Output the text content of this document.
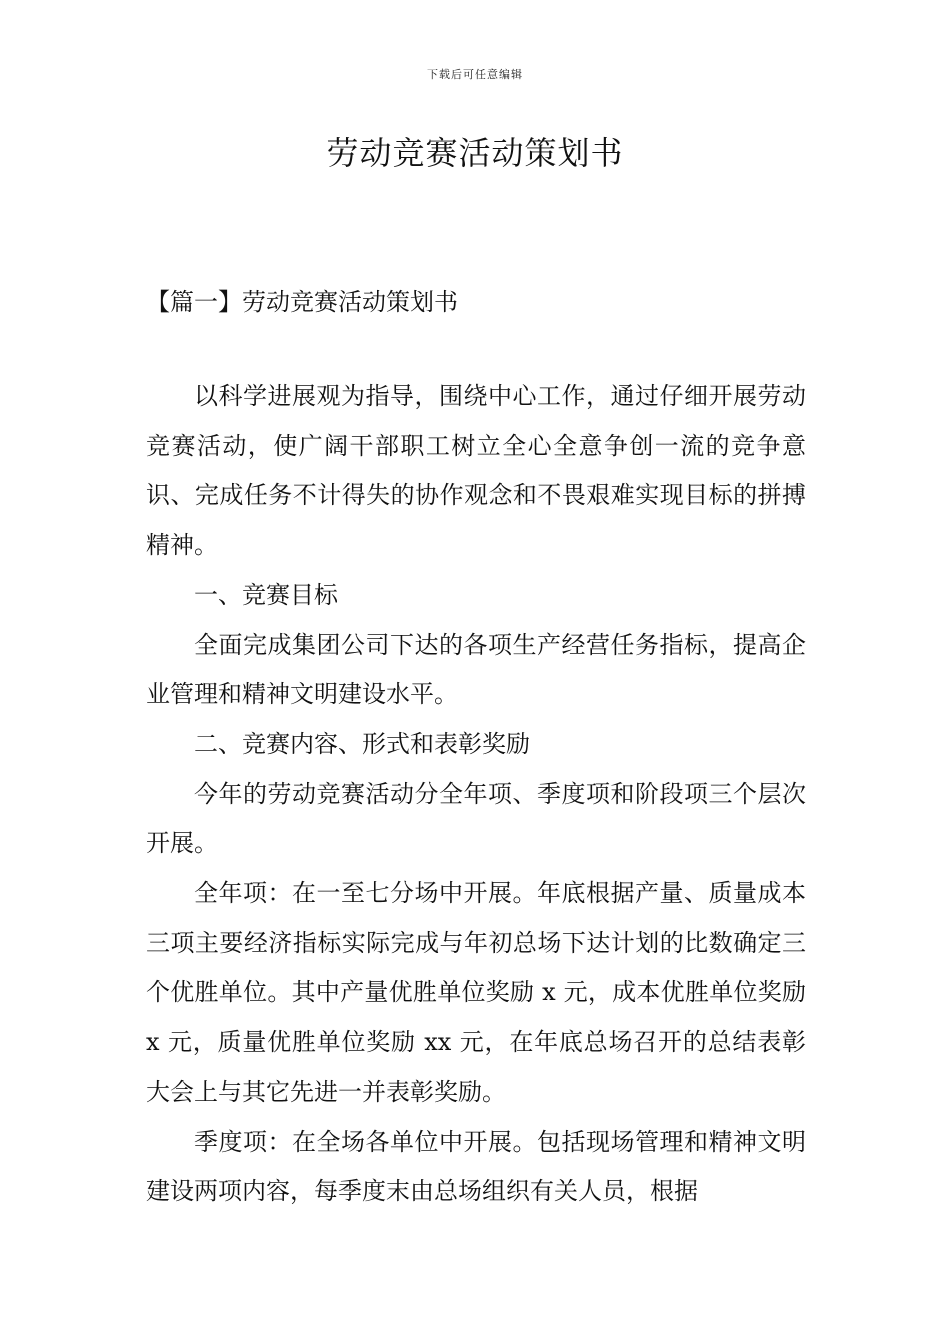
下载后可任意编辑
劳动竞赛活动策划书
【篇一】劳动竞赛活动策划书

以科学进展观为指导，围绕中心工作，通过仔细开展劳动竞赛活动，使广阔干部职工树立全心全意争创一流的竞争意识、完成任务不计得失的协作观念和不畏艰难实现目标的拼搏精神。

一、竞赛目标

全面完成集团公司下达的各项生产经营任务指标，提高企业管理和精神文明建设水平。

二、竞赛内容、形式和表彰奖励

今年的劳动竞赛活动分全年项、季度项和阶段项三个层次开展。

全年项：在一至七分场中开展。年底根据产量、质量成本三项主要经济指标实际完成与年初总场下达计划的比数确定三个优胜单位。其中产量优胜单位奖励 x 元，成本优胜单位奖励 x 元，质量优胜单位奖励 xx 元，在年底总场召开的总结表彰大会上与其它先进一并表彰奖励。

季度项：在全场各单位中开展。包括现场管理和精神文明建设两项内容，每季度末由总场组织有关人员，根据
